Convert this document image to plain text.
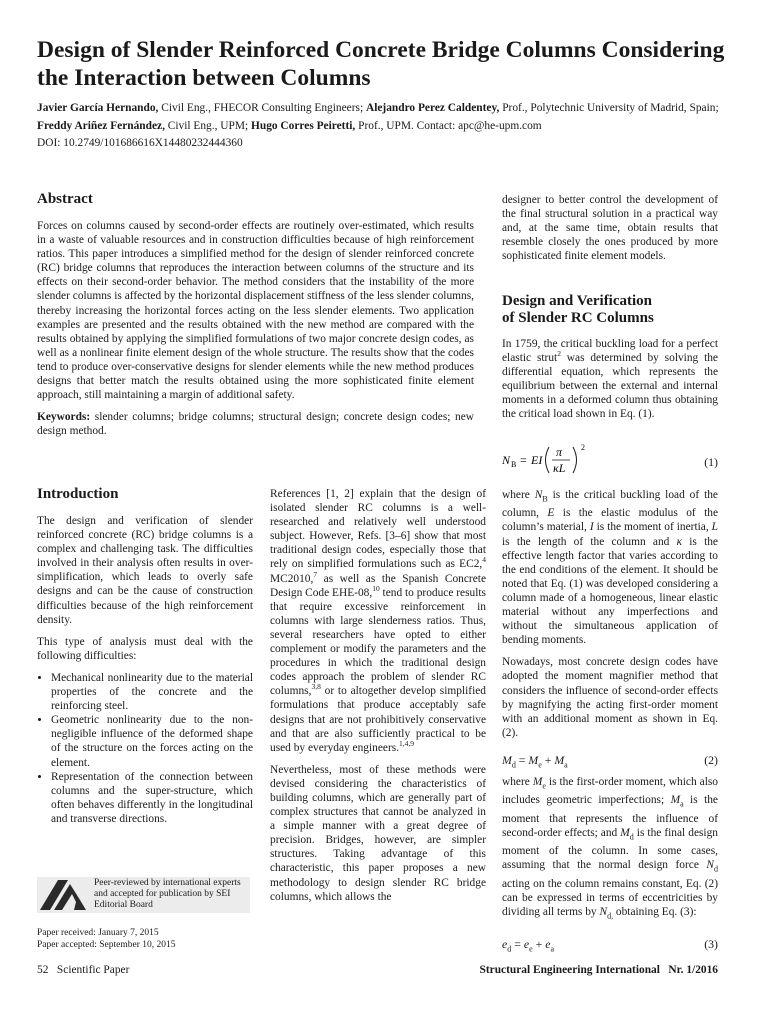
Design of Slender Reinforced Concrete Bridge Columns Considering the Interaction between Columns
Javier García Hernando, Civil Eng., FHECOR Consulting Engineers; Alejandro Perez Caldentey, Prof., Polytechnic University of Madrid, Spain; Freddy Ariñez Fernández, Civil Eng., UPM; Hugo Corres Peiretti, Prof., UPM. Contact: apc@he-upm.com
DOI: 10.2749/101686616X14480232444360
Abstract

Forces on columns caused by second-order effects are routinely over-estimated, which results in a waste of valuable resources and in construction difficulties because of high reinforcement ratios. This paper introduces a simplified method for the design of slender reinforced concrete (RC) bridge columns that reproduces the interaction between columns of the structure and its effects on their second-order behavior. The method considers that the instability of the more slender columns is affected by the horizontal displacement stiffness of the less slender columns, thereby increasing the horizontal forces acting on the less slender elements. Two application examples are presented and the results obtained with the new method are compared with the results obtained by applying the simplified formulations of two major concrete design codes, as well as a nonlinear finite element design of the whole structure. The results show that the codes tend to produce over-conservative designs for slender elements while the new method produces designs that better match the results obtained using the more sophisticated finite element approach, still maintaining a margin of additional safety.

Keywords: slender columns; bridge columns; structural design; concrete design codes; new design method.

Introduction

The design and verification of slender reinforced concrete (RC) bridge columns is a complex and challenging task. The difficulties involved in their analysis often results in over-simplification, which leads to overly safe designs and can be the cause of construction difficulties because of the high reinforcement density.

This type of analysis must deal with the following difficulties:

• Mechanical nonlinearity due to the material properties of the concrete and the reinforcing steel.
• Geometric nonlinearity due to the non-negligible influence of the deformed shape of the structure on the forces acting on the element.
• Representation of the connection between columns and the super-structure, which often behaves differently in the longitudinal and transverse directions.

References [1, 2] explain that the design of isolated slender RC columns is a well-researched and relatively well understood subject. However, Refs. [3–6] show that most traditional design codes, especially those that rely on simplified formulations such as EC2,$^4$ MC2010,$^7$ as well as the Spanish Concrete Design Code EHE-08,10 tend to produce results that require excessive reinforcement in columns with large slenderness ratios. Thus, several researchers have opted to either complement or modify the parameters and the procedures in which the traditional design codes approach the problem of slender RC columns,$^{3,8}$ or to altogether develop simplified formulations that produce acceptably safe designs that are not prohibitively conservative and that are also sufficiently practical to be used by everyday engineers.$^{1,4,9}$

Nevertheless, most of these methods were devised considering the characteristics of building columns, which are generally part of complex structures that cannot be analyzed in a simple manner with a great degree of precision. Bridges, however, are simpler structures. Taking advantage of this characteristic, this paper proposes a new methodology to design slender RC bridge columns, which allows the

designer to better control the development of the final structural solution in a practical way and, at the same time, obtain results that resemble closely the ones produced by more sophisticated finite element models.

Design and Verification
of Slender RC Columns

In 1759, the critical buckling load for a perfect elastic strut$^2$ was determined by solving the differential equation, which represents the equilibrium between the external and internal moments in a deformed column thus obtaining the critical load shown in Eq. (1).

N B = EI
π
κL
2
(1)

where $N_B$ is the critical buckling load of the column, E is the elastic modulus of the column’s material, I is the moment of inertia, L is the length of the column and κ is the effective length factor that varies according to the end conditions of the element. It should be noted that Eq. (1) was developed considering a column made of a homogeneous, linear elastic material without any imperfections and without the simultaneous application of bending moments.

Nowadays, most concrete design codes have adopted the moment magnifier method that considers the influence of second-order effects by magnifying the acting first-order moment with an additional moment as shown in Eq. (2).

$M_d = M_e + M_a$	(2)

where $M_e$ is the first-order moment, which also includes geometric imperfections; $M_a$ is the moment that represents the influence of second-order effects; and $M_d$ is the final design moment of the column. In some cases, assuming that the normal design force $N_d$ acting on the column remains constant, Eq. (2) can be expressed in terms of eccentricities by dividing all terms by $N_{d,}$ obtaining Eq. (3):

$e_d = e_e + e_a$	(3)
Peer-reviewed by international experts and accepted for publication by SEI Editorial Board
Paper received: January 7, 2015
Paper accepted: September 10, 2015
52   Scientific Paper	Structural Engineering International   Nr. 1/2016
